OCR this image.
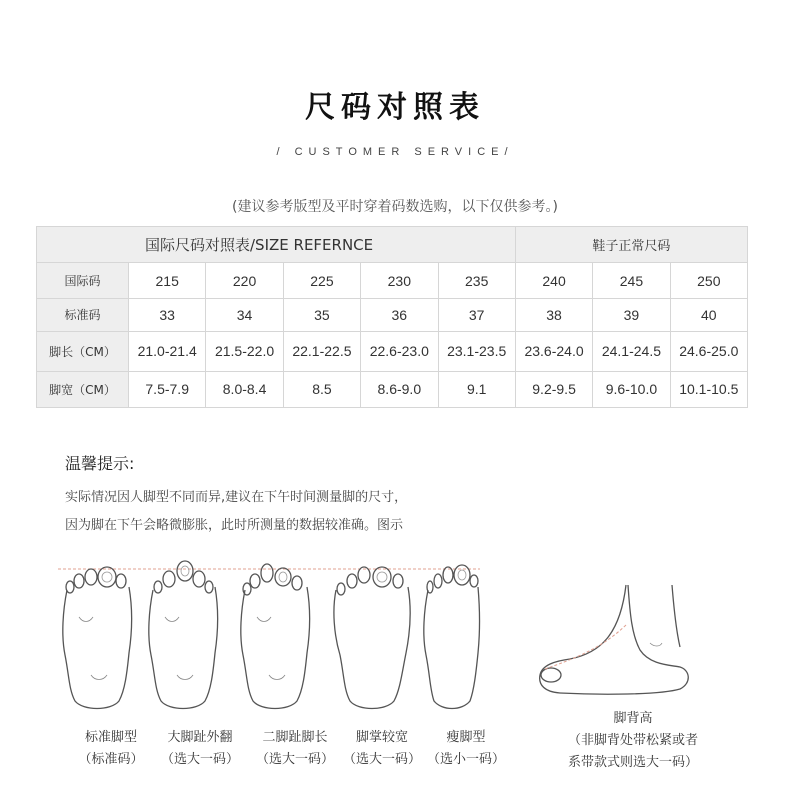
尺码对照表
/ CUSTOMER SERVICE/
(建议参考版型及平时穿着码数选购，以下仅供参考。)
国际尺码对照表/SIZE REFERNCE						鞋子正常尺码		
国际码	215	220	225	230	235	240	245	250
标准码	33	34	35	36	37	38	39	40
脚长（CM）	21.0-21.4	21.5-22.0	22.1-22.5	22.6-23.0	23.1-23.5	23.6-24.0	24.1-24.5	24.6-25.0
脚宽（CM）	7.5-7.9	8.0-8.4	8.5	8.6-9.0	9.1	9.2-9.5	9.6-10.0	10.1-10.5
温馨提示:
实际情况因人脚型不同而异,建议在下午时间测量脚的尺寸，
因为脚在下午会略微膨胀，此时所测量的数据较准确。图示
标准脚型
（标准码）
大脚趾外翻
（选大一码）
二脚趾脚长
（选大一码）
脚掌较宽
（选大一码）
瘦脚型
（选小一码）
脚背高
（非脚背处带松紧或者
系带款式则选大一码）
